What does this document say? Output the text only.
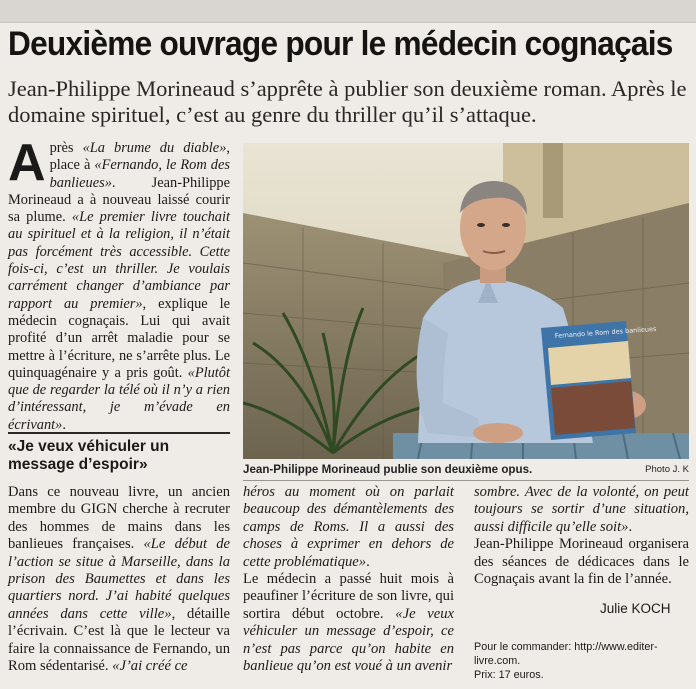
Deuxième ouvrage pour le médecin cognaçais
Jean-Philippe Morineaud s’apprête à publier son deuxième roman. Après le domaine spirituel, c’est au genre du thriller qu’il s’attaque.
A près «La brume du diable», place à «Fernando, le Rom des banlieues». Jean-Philippe Morineaud a à nouveau laissé courir sa plume. «Le premier livre touchait au spirituel et à la religion, il n’était pas forcément très accessible. Cette fois-ci, c’est un thriller. Je voulais carrément changer d’ambiance par rapport au premier», explique le médecin cognaçais. Lui qui avait profité d’un arrêt maladie pour se mettre à l’écriture, ne s’arrête plus. Le quinquagénaire y a pris goût. «Plutôt que de regarder la télé où il n’y a rien d’intéressant, je m’évade en écrivant».

«Je veux véhiculer un message d’espoir»
Fernando le Rom des banlieues
Jean-Philippe Morineaud publie son deuxième opus.	Photo J. K

Dans ce nouveau livre, un ancien membre du GIGN cherche à recruter des hommes de mains dans les banlieues françaises. «Le début de l’action se situe à Marseille, dans la prison des Baumettes et dans les quartiers nord. J’ai habité quelques années dans cette ville», détaille l’écrivain. C’est là que le lecteur va faire la connaissance de Fernando, un Rom sédentarisé. «J’ai créé ce

héros au moment où on parlait beaucoup des démantèlements des camps de Roms. Il a aussi des choses à exprimer en dehors de cette problématique».
Le médecin a passé huit mois à peaufiner l’écriture de son livre, qui sortira début octobre. «Je veux véhiculer un message d’espoir, ce n’est pas parce qu’on habite en banlieue qu’on est voué à un avenir

sombre. Avec de la volonté, on peut toujours se sortir d’une situation, aussi difficile qu’elle soit».
Jean-Philippe Morineaud organisera des séances de dédicaces dans le Cognaçais avant la fin de l’année.

Julie KOCH
Pour le commander: http://www.editer-livre.com.
Prix: 17 euros.
